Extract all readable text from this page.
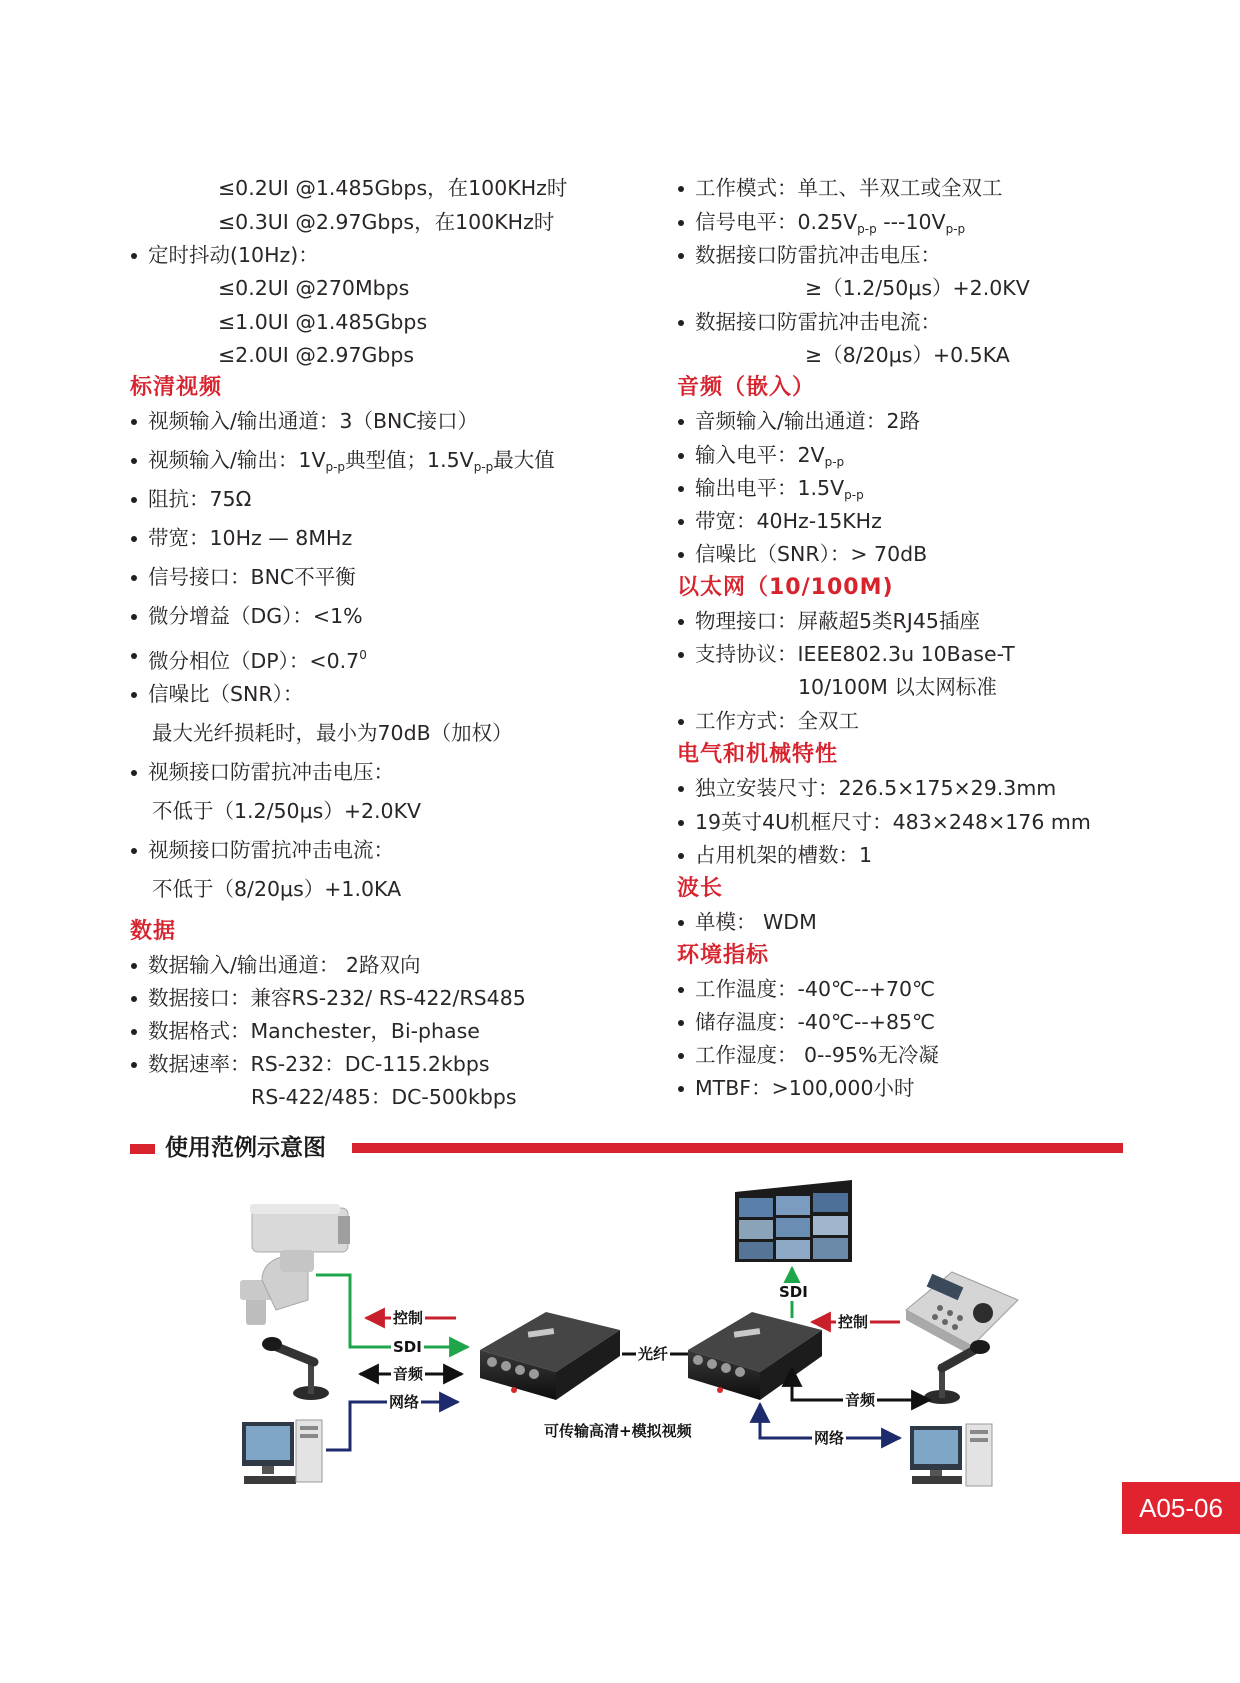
≤0.2UI @1.485Gbps，在100KHz时
≤0.3UI @2.97Gbps，在100KHz时
定时抖动(10Hz)：
≤0.2UI @270Mbps
≤1.0UI @1.485Gbps
≤2.0UI @2.97Gbps
标清视频
视频输入/输出通道：3（BNC接口）
视频输入/输出：$1V_{p-p}$典型值；$1.5V_{p-p}$最大值
阻抗：75Ω
带宽：10Hz — 8MHz
信号接口：BNC不平衡
微分增益（DG）：<1%
微分相位（DP）：$<0.7^0$
信噪比（SNR）：
最大光纤损耗时，最小为70dB（加权）
视频接口防雷抗冲击电压：
不低于（1.2/50μs）+2.0KV
视频接口防雷抗冲击电流：
不低于（8/20μs）+1.0KA
数据
数据输入/输出通道： 2路双向
数据接口：兼容RS-232/ RS-422/RS485
数据格式：Manchester，Bi-phase
数据速率：RS-232：DC-115.2kbps
RS-422/485：DC-500kbps
工作模式：单工、半双工或全双工
信号电平：$0.25V_{p-p}$ $---10V_{p-p}$
数据接口防雷抗冲击电压：
≥（1.2/50μs）+2.0KV
数据接口防雷抗冲击电流：
≥（8/20μs）+0.5KA
音频（嵌入）
音频输入/输出通道：2路
输入电平：$2V_{p-p}$
输出电平：$1.5V_{p-p}$
带宽：40Hz-15KHz
信噪比（SNR）：> 70dB
以太网（10/100M)
物理接口：屏蔽超5类RJ45插座
支持协议：IEEE802.3u 10Base-T
10/100M 以太网标准
工作方式：全双工
电气和机械特性
独立安装尺寸：226.5×175×29.3mm
19英寸4U机框尺寸：483×248×176 mm
占用机架的槽数：1
波长
单模： WDM
环境指标
工作温度：-40℃--+70℃
储存温度：-40℃--+85℃
工作湿度： 0--95%无冷凝
MTBF：>100,000小时
使用范例示意图
控制
SDI
音频
网络
光纤
可传输高清+模拟视频
SDI
控制
音频
网络
A05-06
